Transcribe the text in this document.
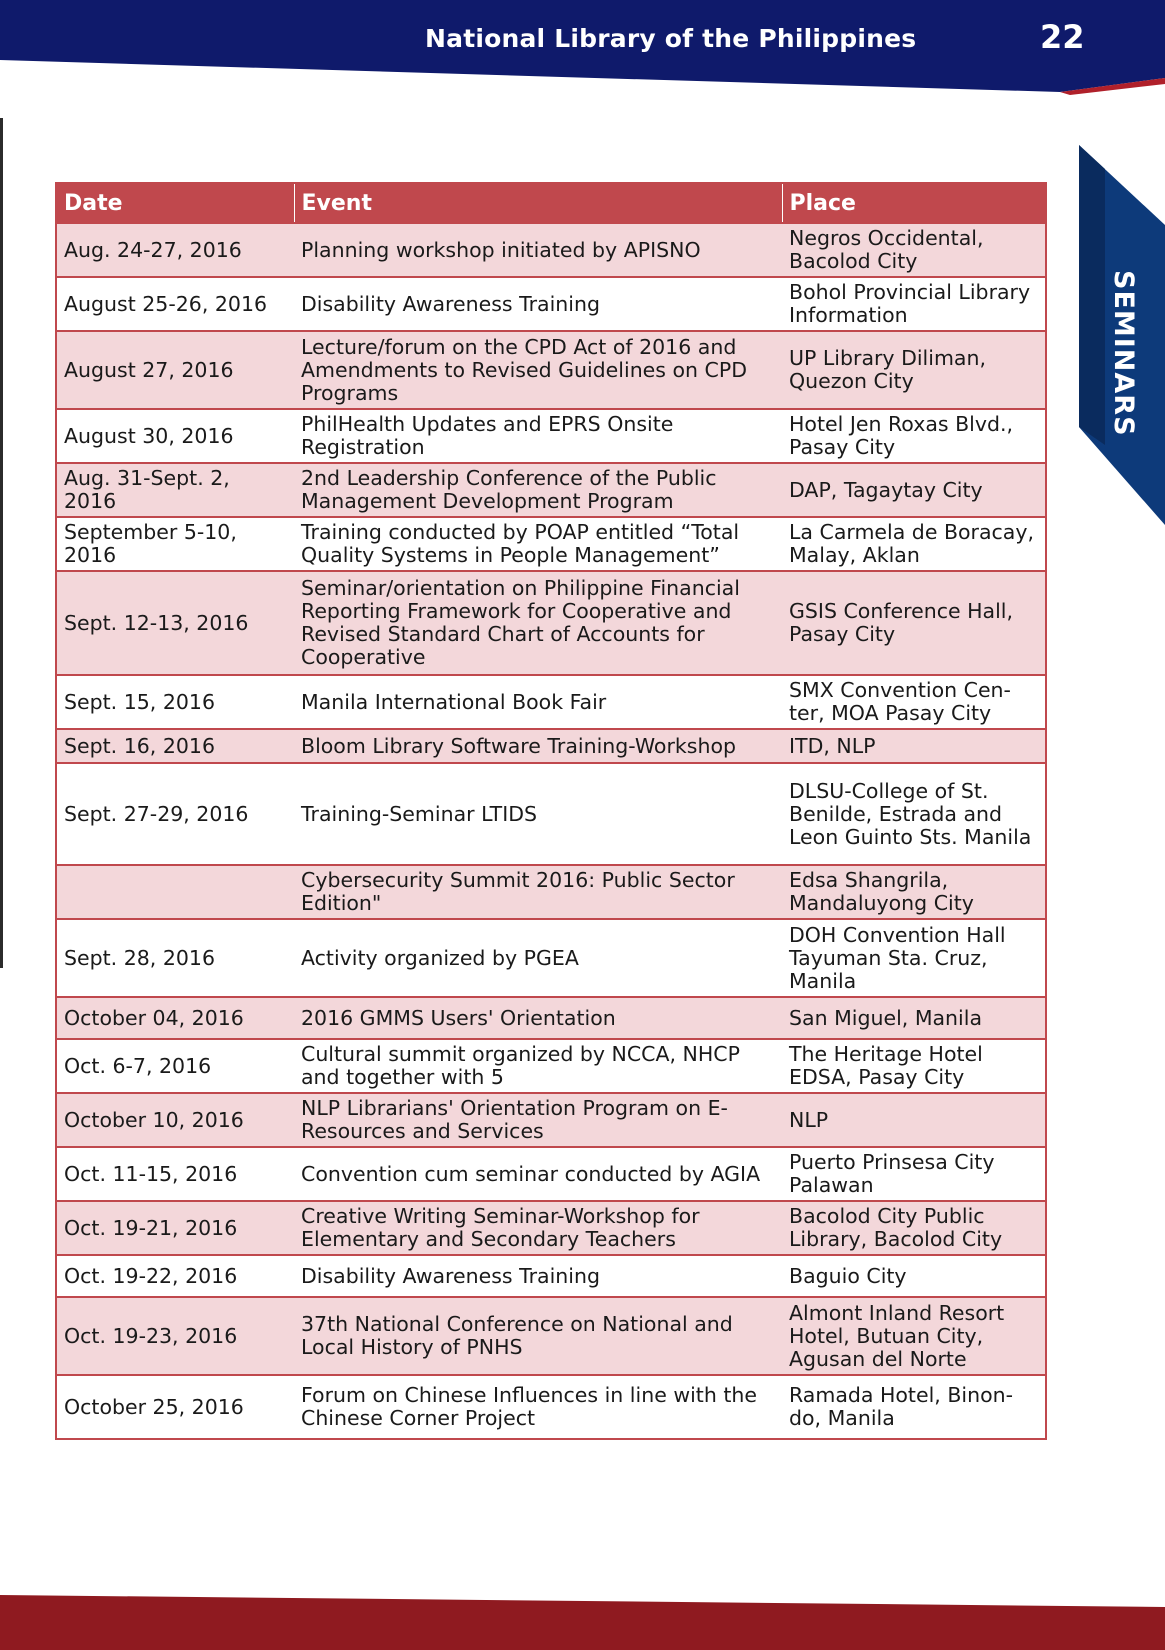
National Library of the Philippines	22
SEMINARS
Date	Event	Place
Aug. 24-27, 2016	Planning workshop initiated by APISNO	Negros Occidental, Bacolod City
August 25-26, 2016	Disability Awareness Training	Bohol Provincial Library Information
August 27, 2016	Lecture/forum on the CPD Act of 2016 and Amendments to Revised Guidelines on CPD Programs	UP Library Diliman, Quezon City
August 30, 2016	PhilHealth Updates and EPRS Onsite Registration	Hotel Jen Roxas Blvd., Pasay City
Aug. 31-Sept. 2, 2016	2nd Leadership Conference of the Public Management Development Program	DAP, Tagaytay City
September 5-10, 2016	Training conducted by POAP entitled “Total Quality Systems in People Management”	La Carmela de Boracay, Malay, Aklan
Sept. 12-13, 2016	Seminar/orientation on Philippine Financial Reporting Framework for Cooperative and Revised Standard Chart of Accounts for Cooperative	GSIS Conference Hall, Pasay City
Sept. 15, 2016	Manila International Book Fair	SMX Convention Cen-ter, MOA Pasay City
Sept. 16, 2016	Bloom Library Software Training-Workshop	ITD, NLP
Sept. 27-29, 2016	Training-Seminar LTIDS	DLSU-College of St. Benilde, Estrada and Leon Guinto Sts. Manila
	Cybersecurity Summit 2016: Public Sector Edition"	Edsa Shangrila, Mandaluyong City
Sept. 28, 2016	Activity organized by PGEA	DOH Convention Hall Tayuman Sta. Cruz, Manila
October 04, 2016	2016 GMMS Users' Orientation	San Miguel, Manila
Oct. 6-7, 2016	Cultural summit organized by NCCA, NHCP and together with 5	The Heritage Hotel EDSA, Pasay City
October 10, 2016	NLP Librarians' Orientation Program on E-Resources and Services	NLP
Oct. 11-15, 2016	Convention cum seminar conducted by AGIA	Puerto Prinsesa City Palawan
Oct. 19-21, 2016	Creative Writing Seminar-Workshop for Elementary and Secondary Teachers	Bacolod City Public Library, Bacolod City
Oct. 19-22, 2016	Disability Awareness Training	Baguio City
Oct. 19-23, 2016	37th National Conference on National and Local History of PNHS	Almont Inland Resort Hotel, Butuan City, Agusan del Norte
October 25, 2016	Forum on Chinese Influences in line with the Chinese Corner Project	Ramada Hotel, Binon-do, Manila
